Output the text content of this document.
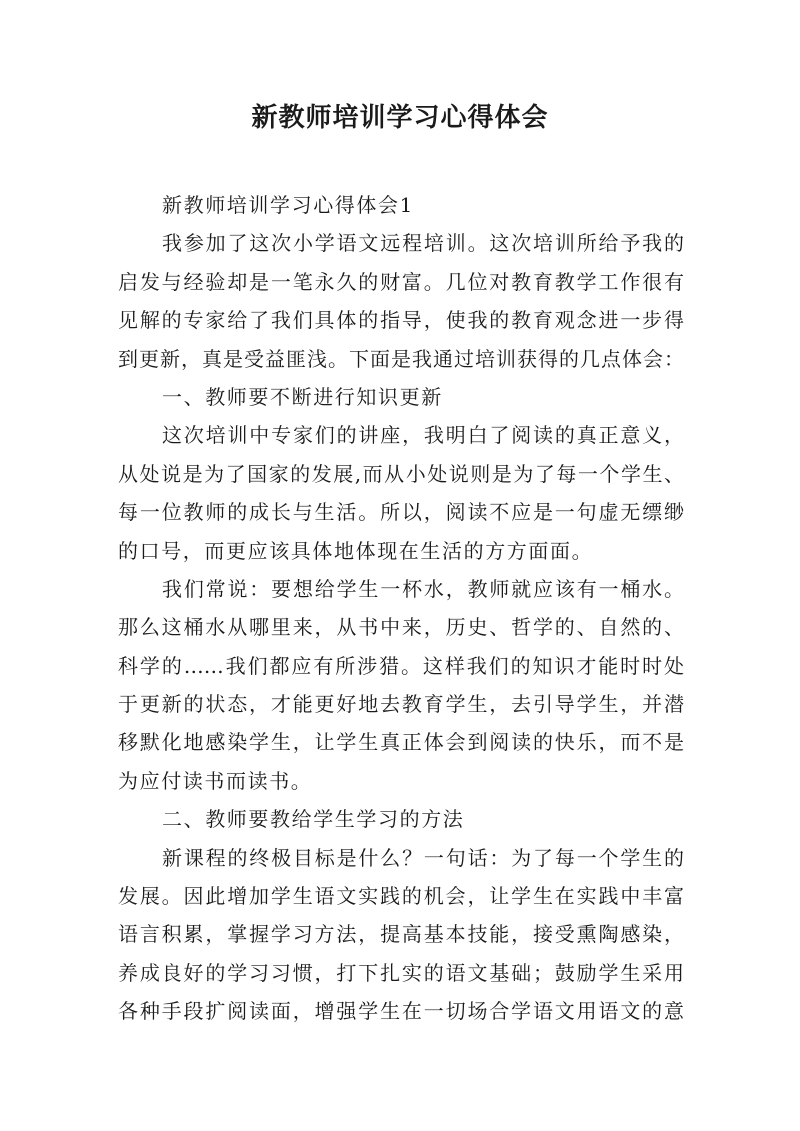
新教师培训学习心得体会
新教师培训学习心得体会1
我参加了这次小学语文远程培训。这次培训所给予我的
启发与经验却是一笔永久的财富。几位对教育教学工作很有
见解的专家给了我们具体的指导，使我的教育观念进一步得
到更新，真是受益匪浅。下面是我通过培训获得的几点体会：
一、教师要不断进行知识更新
这次培训中专家们的讲座，我明白了阅读的真正意义，
从处说是为了国家的发展,而从小处说则是为了每一个学生、
每一位教师的成长与生活。所以，阅读不应是一句虚无缥缈
的口号，而更应该具体地体现在生活的方方面面。
我们常说：要想给学生一杯水，教师就应该有一桶水。
那么这桶水从哪里来，从书中来，历史、哲学的、自然的、
科学的……我们都应有所涉猎。这样我们的知识才能时时处
于更新的状态，才能更好地去教育学生，去引导学生，并潜
移默化地感染学生，让学生真正体会到阅读的快乐，而不是
为应付读书而读书。
二、教师要教给学生学习的方法
新课程的终极目标是什么？一句话：为了每一个学生的
发展。因此增加学生语文实践的机会，让学生在实践中丰富
语言积累，掌握学习方法，提高基本技能，接受熏陶感染，
养成良好的学习习惯，打下扎实的语文基础；鼓励学生采用
各种手段扩阅读面，增强学生在一切场合学语文用语文的意
